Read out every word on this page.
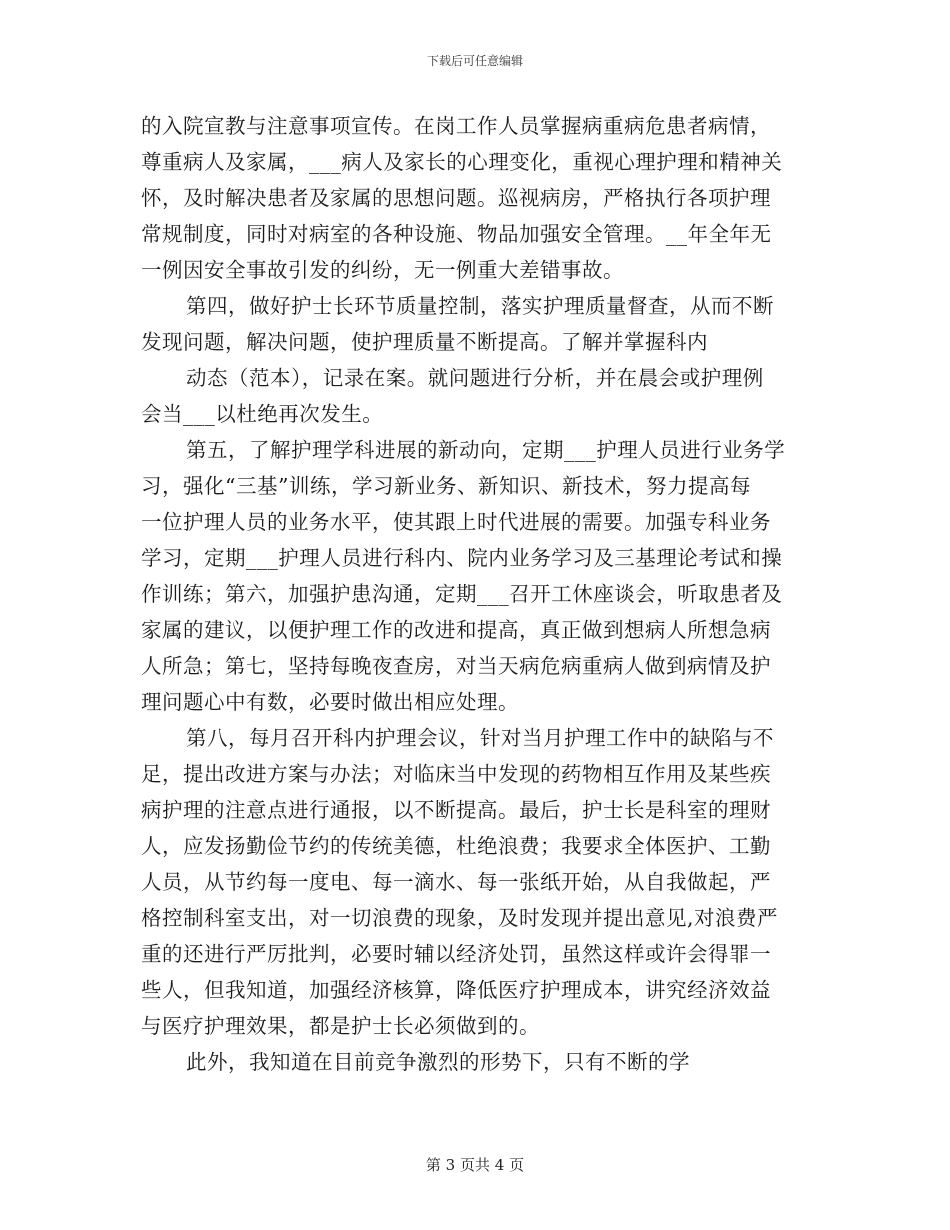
下载后可任意编辑
的入院宣教与注意事项宣传。在岗工作人员掌握病重病危患者病情，
尊重病人及家属，___病人及家长的心理变化，重视心理护理和精神关
怀，及时解决患者及家属的思想问题。巡视病房，严格执行各项护理
常规制度，同时对病室的各种设施、物品加强安全管理。__年全年无
一例因安全事故引发的纠纷，无一例重大差错事故。
第四，做好护士长环节质量控制，落实护理质量督查，从而不断
发现问题，解决问题，使护理质量不断提高。了解并掌握科内
动态（范本），记录在案。就问题进行分析，并在晨会或护理例
会当___以杜绝再次发生。
第五，了解护理学科进展的新动向，定期___护理人员进行业务学
习，强化“三基”训练，学习新业务、新知识、新技术，努力提高每
一位护理人员的业务水平，使其跟上时代进展的需要。加强专科业务
学习，定期___护理人员进行科内、院内业务学习及三基理论考试和操
作训练；第六，加强护患沟通，定期___召开工休座谈会，听取患者及
家属的建议，以便护理工作的改进和提高，真正做到想病人所想急病
人所急；第七，坚持每晚夜查房，对当天病危病重病人做到病情及护
理问题心中有数，必要时做出相应处理。
第八，每月召开科内护理会议，针对当月护理工作中的缺陷与不
足，提出改进方案与办法；对临床当中发现的药物相互作用及某些疾
病护理的注意点进行通报，以不断提高。最后，护士长是科室的理财
人，应发扬勤俭节约的传统美德，杜绝浪费；我要求全体医护、工勤
人员，从节约每一度电、每一滴水、每一张纸开始，从自我做起，严
格控制科室支出，对一切浪费的现象，及时发现并提出意见,对浪费严
重的还进行严厉批判，必要时辅以经济处罚，虽然这样或许会得罪一
些人，但我知道，加强经济核算，降低医疗护理成本，讲究经济效益
与医疗护理效果，都是护士长必须做到的。
此外，我知道在目前竞争激烈的形势下，只有不断的学
第 3 页共 4 页
